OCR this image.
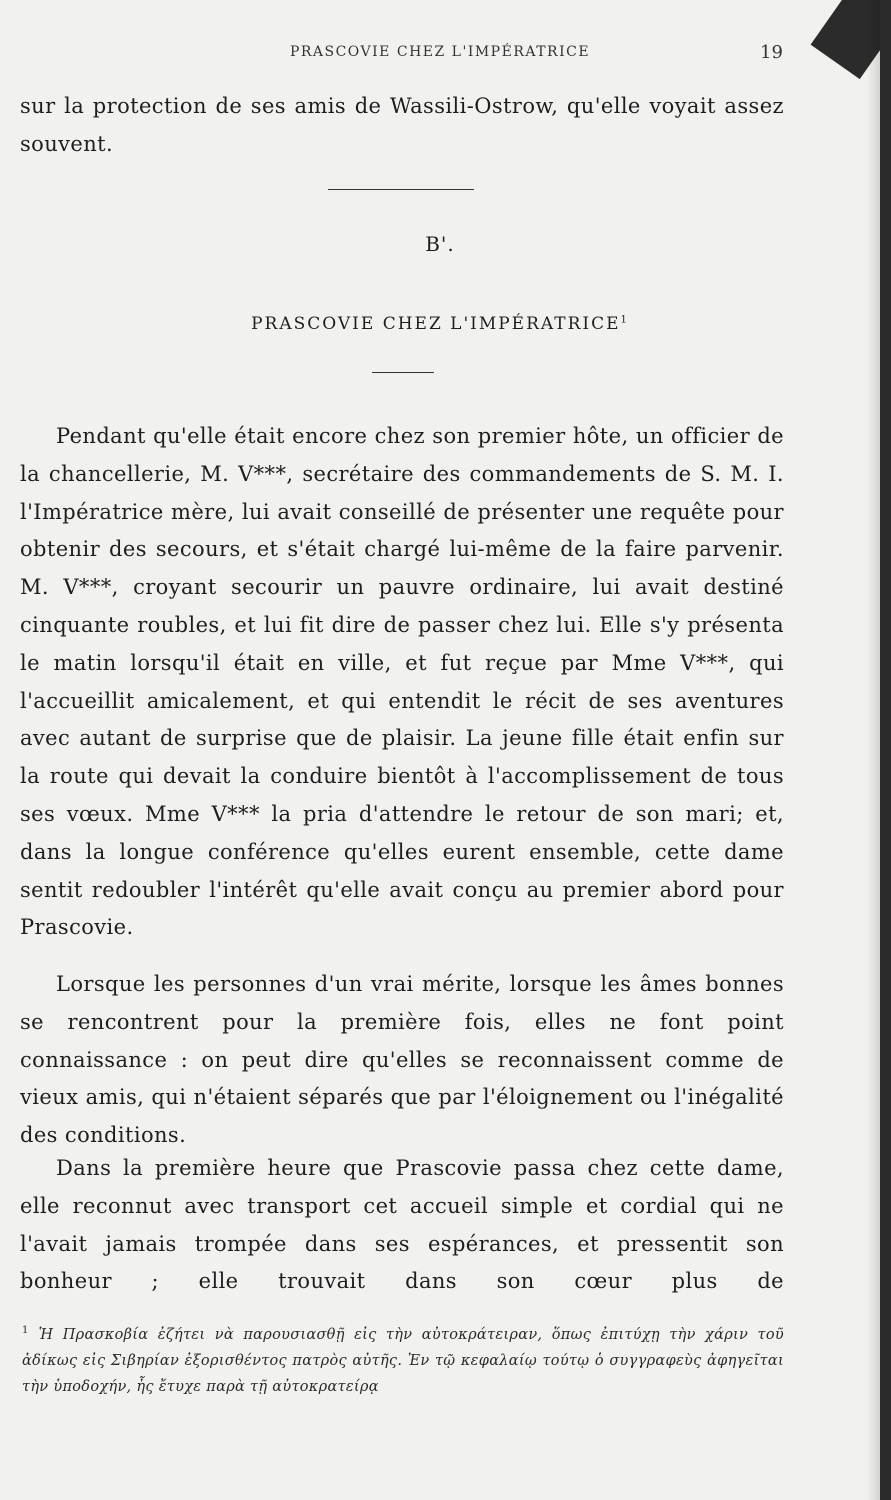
PRASCOVIE CHEZ L'IMPÉRATRICE	19

sur la protection de ses amis de Wassili-Ostrow, qu'elle voyait assez souvent.

B'.
PRASCOVIE CHEZ L'IMPÉRATRICE$^1$

Pendant qu'elle était encore chez son premier hôte, un officier de la chancellerie, M. V***, secrétaire des commandements de S. M. I. l'Impératrice mère, lui avait conseillé de présenter une requête pour obtenir des secours, et s'était chargé lui-même de la faire parvenir. M. V***, croyant secourir un pauvre ordinaire, lui avait destiné cinquante roubles, et lui fit dire de passer chez lui. Elle s'y présenta le matin lorsqu'il était en ville, et fut reçue par Mme V***, qui l'accueillit amicalement, et qui entendit le récit de ses aventures avec autant de surprise que de plaisir. La jeune fille était enfin sur la route qui devait la conduire bientôt à l'accomplissement de tous ses vœux. Mme V*** la pria d'attendre le retour de son mari; et, dans la longue conférence qu'elles eurent ensemble, cette dame sentit redoubler l'intérêt qu'elle avait conçu au premier abord pour Prascovie.

Lorsque les personnes d'un vrai mérite, lorsque les âmes bonnes se rencontrent pour la première fois, elles ne font point connaissance : on peut dire qu'elles se reconnaissent comme de vieux amis, qui n'étaient séparés que par l'éloignement ou l'inégalité des conditions.

Dans la première heure que Prascovie passa chez cette dame, elle reconnut avec transport cet accueil simple et cordial qui ne l'avait jamais trompée dans ses espérances, et pressentit son bonheur ; elle trouvait dans son cœur plus de

$^1$ Ἡ Πρασκοβία ἐζήτει νὰ παρουσιασθῇ εἰς τὴν αὐτοκράτειραν, ὅπως ἐπιτύχῃ τὴν χάριν τοῦ ἀδίκως εἰς Σιβηρίαν ἐξορισθέντος πατρὸς αὐτῆς. Ἐν τῷ κεφαλαίῳ τούτῳ ὁ συγγραφεὺς ἀφηγεῖται τὴν ὑποδοχήν, ἧς ἔτυχε παρὰ τῇ αὐτοκρατείρᾳ
